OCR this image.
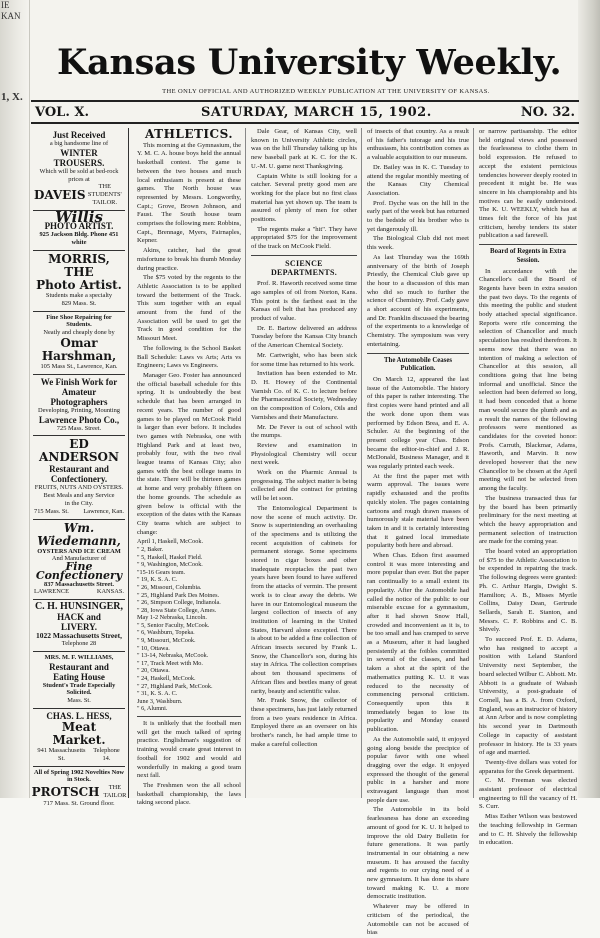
IE
KAN
1, X.
Kansas University Weekly.
THE ONLY OFFICIAL AND AUTHORIZED WEEKLY PUBLICATION AT THE UNIVERSITY OF KANSAS.
VOL. X.	SATURDAY, MARCH 15, 1902.	NO. 32.
Just Received
a big handsome line of
WINTER TROUSERS.
Which will be sold at bed-rock
prices at
DAVEIS
THE STUDENTS' TAILOR.
Willis
PHOTO ARTIST.
925 Jackson Bldg. Phone 451 white
MORRIS, THE
Photo Artist.
Students make a specialty
829 Mass. St.
Fine Shoe Repairing for Students.
Neatly and cheaply done by
Omar Harshman,
105 Mass St., Lawrence, Kan.
We Finish Work for
Amateur Photographers
Developing, Printing, Mounting
Lawrence Photo Co.,
725 Mass. Street.
ED ANDERSON
Restaurant and
Confectionery.
FRUITS, NUTS AND OYSTERS.
Best Meals and any Service
in the City.
715 Mass. St. Lawrence, Kan.
Wm. Wiedemann,
OYSTERS AND ICE CREAM
And Manufacturer of
Fine Confectionery
837 Massachusetts Street.
LAWRENCE	KANSAS.
C. H. HUNSINGER,
HACK and
LIVERY.
1022 Massachusetts Street,
Telephone 28
MRS. M. F. WILLIAMS,
Restaurant and
Eating House
Student's Trade Especially Solicited.
Mass. St.
CHAS. L. HESS,
Meat Market.
941 Massachusetts St.
Telephone 14.
All of Spring 1902 Novelties Now
in Stock.
PROTSCH	THE TAILOR
717 Mass. St. Ground floor.
ATHLETICS.

This morning at the Gymnasium, the Y. M. C. A. house boys held the annual basketball contest. The game is between the two houses and much local enthusiasm is present at these games. The North house was represented by Messrs. Longworthy, Capt.; Grove, Brown Johnson, and Faust. The South house team comprises the following men: Robbins, Capt., Brennage, Myers, Fairnaples, Kepner.

Akins, catcher, had the great misfortune to break his thumb Monday during practice.

The $75 voted by the regents to the Athletic Association is to be applied toward the betterment of the Track. This sum together with an equal amount from the fund of the Association will be used to get the Track in good condition for the Missouri Meet.

The following is the School Basket Ball Schedule: Laws vs Arts; Arts vs Engineers; Laws vs Engineers.

Manager Geo. Foster has announced the official baseball schedule for this spring. It is undoubtedly the best schedule that has been arranged in recent years. The number of good games to be played on McCook Field is larger than ever before. It includes two games with Nebraska, one with Highland Park and at least two, probably four, with the two rival league teams of Kansas City; also games with the best college teams in the state. There will be thirteen games at home and very probably fifteen on the home grounds. The schedule as given below is official with the exception of the dates with the Kansas City teams which are subject to change:

April 1, Haskell, McCook.
" 2, Baker.
" 5, Haskell, Haskel Field.
" 9, Washington, McCook.
"15-16 Gears team.
" 19, K. S. A. C.
" 26, Missouri, Columbia.
" 25, Highland Park Des Moines.
" 26, Simpson College, Indianola.
" 28, Iowa State College, Ames.
May 1-2 Nebraska, Lincoln.
" 5, Senior Faculty, McCook.
" 6, Washburn, Topeka.
" 9, Missouri, McCook.
" 10, Ottawa.
" 13-14, Nebraska, McCook.
" 17, Track Meet with Mo.
" 20, Ottawa.
" 24, Haskell, McCook.
" 27, Highland Park, McCook.
" 31, K. S. A. C.
June 3, Washburn.
" 6, Alumni.

It is unlikely that the football men will get the much talked of spring practice. Englishman's suggestion of training would create great interest in football for 1902 and would aid wonderfully in making a good team next fall.

The Freshmen won the all school basketball championship, the laws taking second place.

Dale Gear, of Kansas City, well known in University Athletic circles, was on the hill Thursday talking up his new baseball park at K. C. for the K. U.-M. U. game next Thanksgiving.

Captain White is still looking for a catcher. Several pretty good men are working for the place but no first class material has yet shown up. The team is assured of plenty of men for other positions.

The regents make a "hit". They have appropriated $75 for the improvement of the track on McCook Field.

SCIENCE DEPARTMENTS.

Prof. R. Haworth received some time ago samples of oil from Norton, Kans. This point is the farthest east in the Kansas oil belt that has produced any product of value.

Dr. E. Bartow delivered an address Tuesday before the Kansas City branch of the American Chemical Society.

Mr. Cartwright, who has been sick for some time has returned to his work.

Invitation has been extended to Mr. D. H. Howey of the Continental Varnish Co. of K. C. to lecture before the Pharmaceutical Society, Wednesday on the composition of Colors, Oils and Varnishes and their Manufacture.

Mr. De Fever is out of school with the mumps.

Review and examination in Physiological Chemistry will occur next week.

Work on the Pharmic Annual is progressing. The subject matter is being collected and the contract for printing will be let soon.

The Entomological Department is now the scene of much activity. Dr. Snow is superintending an overhauling of the specimens and is utilizing the recent acquisition of cabinets for permanent storage. Some specimens stored in cigar boxes and other inadequate receptacles the past two years have been found to have suffered from the attacks of vermin. The present work is to clear away the debris. We have in our Entomological museum the largest collection of insects of any institution of learning in the United States, Harvard alone excepted. There is about to be added a fine collection of African insects secured by Frank L. Snow, the Chancellor's son, during his stay in Africa. The collection comprises about ten thousand specimens of African flies and beetles many of great rarity, beauty and scientific value.

Mr. Frank Snow, the collector of these specimens, has just lately returned from a two years residence in Africa. Employed there as an overseer on his brother's ranch, he had ample time to make a careful collection

of insects of that country. As a result of his father's tutorage and his true enthusiasm, his contribution comes as a valuable acquisition to our museum.

Dr. Bailey was in K. C. Tuesday to attend the regular monthly meeting of the Kansas City Chemical Association.

Prof. Dyche was on the hill in the early part of the week but has returned to the bedside of his brother who is yet dangerously ill.

The Biological Club did not meet this week.

As last Thursday was the 169th anniversary of the birth of Joseph Priestly, the Chemical Club gave up the hour to a discussion of this man who did so much to further the science of Chemistry. Prof. Cady gave a short account of his experiments, and Dr. Franklin discussed the bearing of the experiments to a knowledge of Chemistry. The symposium was very entertaining.

The Automobile Ceases Publication.

On March 12, appeared the last issue of the Automobile. The history of this paper is rather interesting. The first copies were hand printed and all the work done upon them was performed by Edson Brea, and E. A. Schuler. At the beginning of the present college year Chas. Edson became the editor-in-chief and J. R. McDonald, Business Manager, and it was regularly printed each week.

At the first the paper met with warm approval. The issues were rapidly exhausted and the profits quickly stolen. The pages containing cartoons and rough drawn masses of humorously stale material have been taken in and it is certainly interesting that it gained local immediate popularity both here and abroad.

When Chas. Edson first assumed control it was more interesting and more popular than ever. But the paper ran continually to a small extent its popularity. After the Automobile had called the notice of the public to our miserable excuse for a gymnasium, after it had shown Snow Hall, crowded and inconvenient as it is, to be too small and has cramped to serve as a Museum, after it had laughed persistently at the foibles committed in several of the classes, and had taken a shot at the spirit of the mathematics putting K. U. it was reduced to the necessity of commencing personal criticism. Consequently upon this it immediately began to lose its popularity and Monday ceased publication.

As the Automobile said, it enjoyed going along beside the precipice of popular favor with one wheel dragging over the edge. It enjoyed expressed the thought of the general public in a harsher and more extravagant language than most people dare use.

The Automobile in its bold fearlessness has done an exceeding amount of good for K. U. It helped to improve the old Dairy Bulletin for future generations. It was partly instrumental in our obtaining a new museum. It has aroused the faculty and regents to our crying need of a new gymnasium. It has done its share toward making K. U. a more democratic institution.

Whatever may be offered in criticism of the periodical, the Automobile can not be accused of bias

or narrow partisanship. The editor held original views and possessed the fearlessness to clothe them in bold expression. He refused to accept the existent pernicious tendencies however deeply rooted in precedent it might be. He was sincere in his championship and his motives can be easily understood. The K. U. WEEKLY, which has at times felt the force of his just criticism, hereby tenders its sister publication a sad farewell.

Board of Regents in Extra Session.

In accordance with the Chancellor's call the Board of Regents have been in extra session the past two days. To the regents of this meeting the public and student body attached special significance. Reports were rife concerning the selection of Chancellor and much speculation has resulted therefrom. It seems now that there was no intention of making a selection of Chancellor at this session, all conditions going that line being informal and unofficial. Since the selection had been deferred so long, it had been conceded that a home man would secure the plumb and as a result the names of the following professors were mentioned as candidates for the coveted honor: Profs. Carruth, Blackmar, Adams, Haworth, and Marvin. It now developed however that the new Chancellor to be chosen at the April meeting will not be selected from among the faculty.

The business transacted thus far by the board has been primarily preliminary for the next meeting at which the heavy appropriation and permanent selection of instruction are made for the coming year.

The board voted an appropriation of $75 to the Athletic Association to be expended in repairing the track. The following degrees were granted: Ph. C. Arthur Hargis, Dwight S. Hamilton; A. B., Misses Myrtle Collins, Daisy Dean, Gertrude Sellards, Sarah E. Stanton, and Messrs. C. F. Robbins and C. B. Shively.

To succeed Prof. E. D. Adams, who has resigned to accept a position with Leland Stanford University next September, the board selected Wilbur C. Abbott. Mr. Abbott is a graduate of Wabash University, a post-graduate of Cornell, has a B. A. from Oxford, England, was an instructor of history at Ann Arbor and is now completing his second year in Dartmouth College in capacity of assistant professor in history. He is 33 years of age and married.

Twenty-five dollars was voted for apparatus for the Greek department.

C. M. Freeman was elected assistant professor of electrical engineering to fill the vacancy of H. S. Curr.

Miss Esther Wilson was bestowed the teaching fellowship in German and to C. H. Shively the fellowship in education.
